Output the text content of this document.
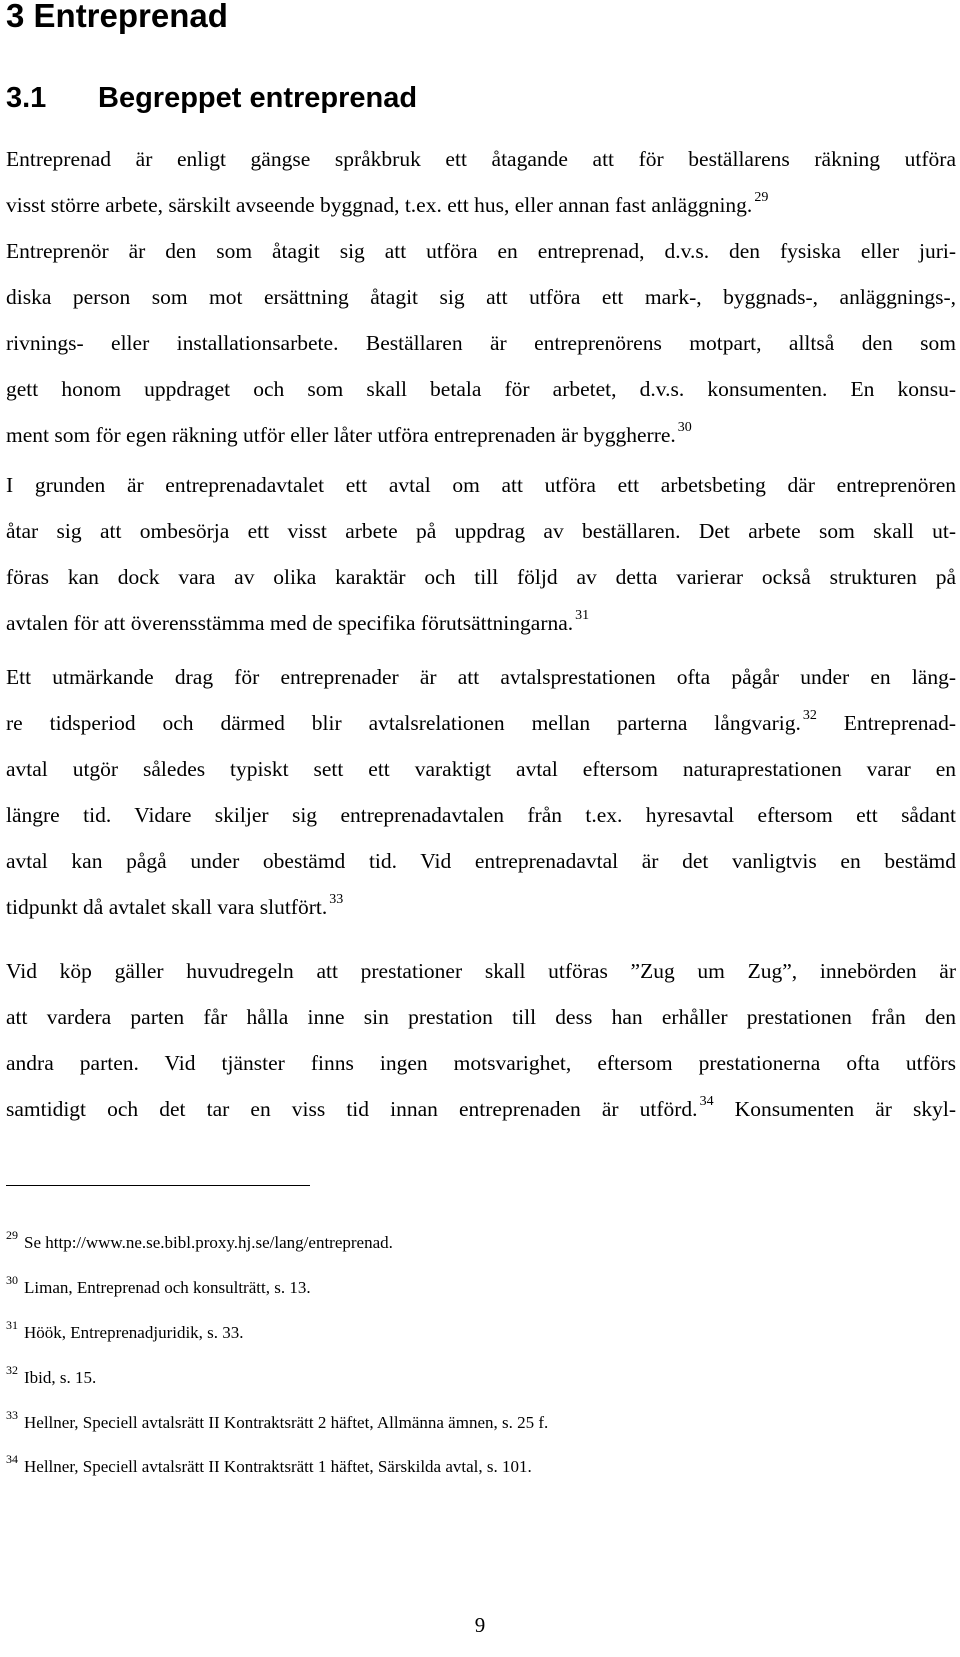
3 Entreprenad
3.1 Begreppet entreprenad
Entreprenad är enligt gängse språkbruk ett åtagande att för beställarens räkning utföra
visst större arbete, särskilt avseende byggnad, t.ex. ett hus, eller annan fast anläggning. $^{29}$
Entreprenör är den som åtagit sig att utföra en entreprenad, d.v.s. den fysiska eller juri-
diska person som mot ersättning åtagit sig att utföra ett mark-, byggnads-, anläggnings-,
rivnings- eller installationsarbete. Beställaren är entreprenörens motpart, alltså den som
gett honom uppdraget och som skall betala för arbetet, d.v.s. konsumenten. En konsu-
ment som för egen räkning utför eller låter utföra entreprenaden är byggherre. $^{30}$
I grunden är entreprenadavtalet ett avtal om att utföra ett arbetsbeting där entreprenören
åtar sig att ombesörja ett visst arbete på uppdrag av beställaren. Det arbete som skall ut-
föras kan dock vara av olika karaktär och till följd av detta varierar också strukturen på
avtalen för att överensstämma med de specifika förutsättningarna. $^{31}$
Ett utmärkande drag för entreprenader är att avtalsprestationen ofta pågår under en läng-
re tidsperiod och därmed blir avtalsrelationen mellan parterna långvarig. $^{32}$ Entreprenad-
avtal utgör således typiskt sett ett varaktigt avtal eftersom naturaprestationen varar en
längre tid. Vidare skiljer sig entreprenadavtalen från t.ex. hyresavtal eftersom ett sådant
avtal kan pågå under obestämd tid. Vid entreprenadavtal är det vanligtvis en bestämd
tidpunkt då avtalet skall vara slutfört. $^{33}$
Vid köp gäller huvudregeln att prestationer skall utföras ”Zug um Zug”, innebörden är
att vardera parten får hålla inne sin prestation till dess han erhåller prestationen från den
andra parten. Vid tjänster finns ingen motsvarighet, eftersom prestationerna ofta utförs
samtidigt och det tar en viss tid innan entreprenaden är utförd. $^{34}$ Konsumenten är skyl-

$^{29}$ Se http://www.ne.se.bibl.proxy.hj.se/lang/entreprenad.

$^{30}$ Liman, Entreprenad och konsulträtt, s. 13.

$^{31}$ Höök, Entreprenadjuridik, s. 33.

$^{32}$ Ibid, s. 15.

$^{33}$ Hellner, Speciell avtalsrätt II Kontraktsrätt 2 häftet, Allmänna ämnen, s. 25 f.

$^{34}$ Hellner, Speciell avtalsrätt II Kontraktsrätt 1 häftet, Särskilda avtal, s. 101.

9
